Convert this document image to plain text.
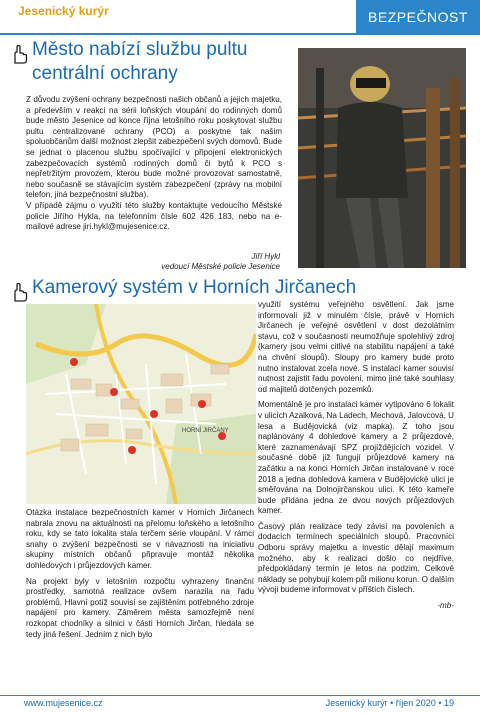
Jesenický kurýr	BEZPEČNOST
Město nabízí službu pultu centrální ochrany

Z důvodu zvýšení ochrany bezpečnosti našich občanů a jejich majetku, a především v reakci na sérii loňských vloupání do rodinných domů bude město Jesenice od konce října letošního roku poskytovat službu pultu centralizované ochrany (PCO) a poskytne tak našim spoluobčanům další možnost zlepšit zabezpečení svých domovů. Bude se jednat o placenou službu spočívající v připojení elektronických zabezpečovacích systémů rodinných domů či bytů k PCO s nepřetržitým provozem, kterou bude možné provozovat samostatně, nebo současně se stávajícím systém zabezpečení (zprávy na mobilní telefon, jiná bezpečnostní služba).

V případě zájmu o využití této služby kontaktujte vedoucího Městské policie Jiřího Hykla, na telefonním čísle 602 426 183, nebo na e-mailové adrese jiri.hykl@mujesenice.cz.

Jiří Hykl
vedoucí Městské policie Jesenice
Kamerový systém v Horních Jirčanech
HORNÍ JIRČANY

Otázka instalace bezpečnostních kamer v Horních Jirčanech nabrala znovu na aktuálnosti na přelomu loňského a letošního roku, kdy se tato lokalita stala terčem série vloupání. V rámci snahy o zvýšení bezpečnosti se v návaznosti na iniciativu skupiny místních občanů připravuje montáž několika dohledových i průjezdových kamer.

Na projekt byly v letošním rozpočtu vyhrazeny finanční prostředky, samotná realizace ovšem narazila na řadu problémů. Hlavní potíž souvisí se zajištěním potřebného zdroje napájení pro kamery. Záměrem města samozřejmě není rozkopat chodníky a silnici v části Horních Jirčan, hledala se tedy jiná řešení. Jedním z nich bylo

využití systému veřejného osvětlení. Jak jsme informovali již v minulém čísle, právě v Horních Jirčanech je veřejné osvětlení v dost dezolátním stavu, což v současnosti neumožňuje spolehlivý zdroj (kamery jsou velmi citlivé na stabilitu napájení a také na chvění sloupů). Sloupy pro kamery bude proto nutno instalovat zcela nové. S instalací kamer souvisí nutnost zajistit řadu povolení, mimo jiné také souhlasy od majitelů dotčených pozemků.

Momentálně je pro instalaci kamer vytipováno 6 lokalit v ulicích Azalková, Na Ladech, Mechová, Jalovcová, U lesa a Budějovická (viz mapka). Z toho jsou naplánovány 4 dohledové kamery a 2 průjezdové, které zaznamenávají SPZ projíždějících vozidel. V současné době již fungují průjezdové kamery na začátku a na konci Horních Jirčan instalované v roce 2018 a jedna dohledová kamera v Budějovické ulici je směřována na Dolnojirčanskou ulici. K této kameře bude přidána jedna ze dvou nových průjezdových kamer.

Časový plán realizace tedy závisí na povoleních a dodacích termínech speciálních sloupů. Pracovníci Odboru správy majetku a investic dělají maximum možného, aby k realizaci došlo co nejdříve, předpokládaný termín je letos na podzim. Celkové náklady se pohybují kolem půl milionu korun. O dalším vývoji budeme informovat v příštích číslech.

-mb-

www.mujesenice.cz	Jesenický kurýr • říjen 2020 • 19
